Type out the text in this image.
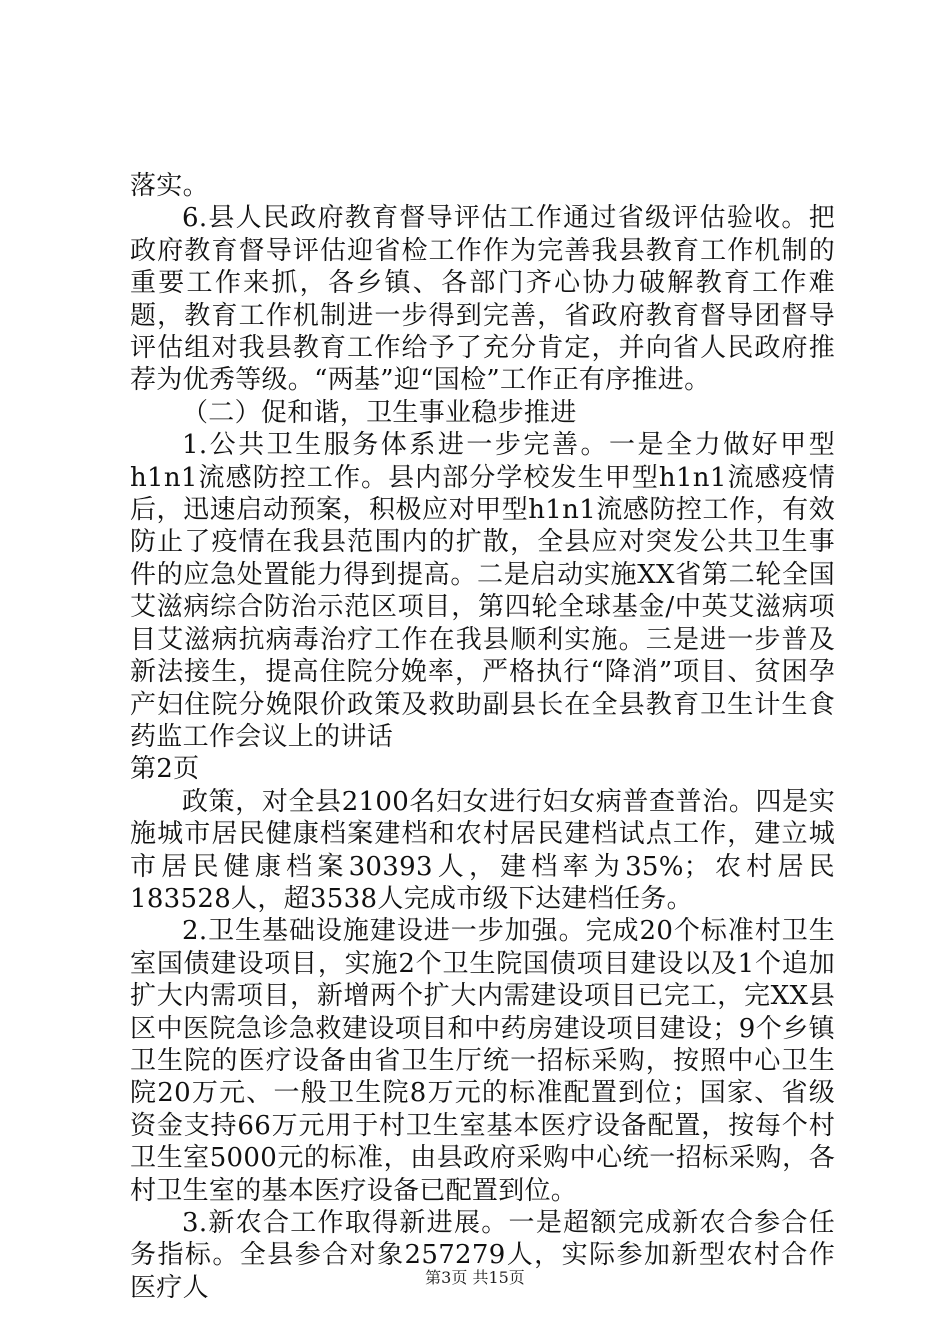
落实。

6.县人民政府教育督导评估工作通过省级评估验收。把政府教育督导评估迎省检工作作为完善我县教育工作机制的重要工作来抓，各乡镇、各部门齐心协力破解教育工作难题，教育工作机制进一步得到完善，省政府教育督导团督导评估组对我县教育工作给予了充分肯定，并向省人民政府推荐为优秀等级。“两基”迎“国检”工作正有序推进。

（二）促和谐，卫生事业稳步推进

1.公共卫生服务体系进一步完善。一是全力做好甲型h1n1流感防控工作。县内部分学校发生甲型h1n1流感疫情后，迅速启动预案，积极应对甲型h1n1流感防控工作，有效防止了疫情在我县范围内的扩散，全县应对突发公共卫生事件的应急处置能力得到提高。二是启动实施XX省第二轮全国艾滋病综合防治示范区项目，第四轮全球基金/中英艾滋病项目艾滋病抗病毒治疗工作在我县顺利实施。三是进一步普及新法接生，提高住院分娩率，严格执行“降消”项目、贫困孕产妇住院分娩限价政策及救助副县长在全县教育卫生计生食药监工作会议上的讲话

第2页

政策，对全县2100名妇女进行妇女病普查普治。四是实施城市居民健康档案建档和农村居民建档试点工作，建立城市居民健康档案30393人，建档率为35%；农村居民183528人，超3538人完成市级下达建档任务。

2.卫生基础设施建设进一步加强。完成20个标准村卫生室国债建设项目，实施2个卫生院国债项目建设以及1个追加扩大内需项目，新增两个扩大内需建设项目已完工，完XX县区中医院急诊急救建设项目和中药房建设项目建设；9个乡镇卫生院的医疗设备由省卫生厅统一招标采购，按照中心卫生院20万元、一般卫生院8万元的标准配置到位；国家、省级资金支持66万元用于村卫生室基本医疗设备配置，按每个村卫生室5000元的标准，由县政府采购中心统一招标采购，各村卫生室的基本医疗设备已配置到位。

3.新农合工作取得新进展。一是超额完成新农合参合任务指标。全县参合对象257279人，实际参加新型农村合作医疗人	第3页 共15页
